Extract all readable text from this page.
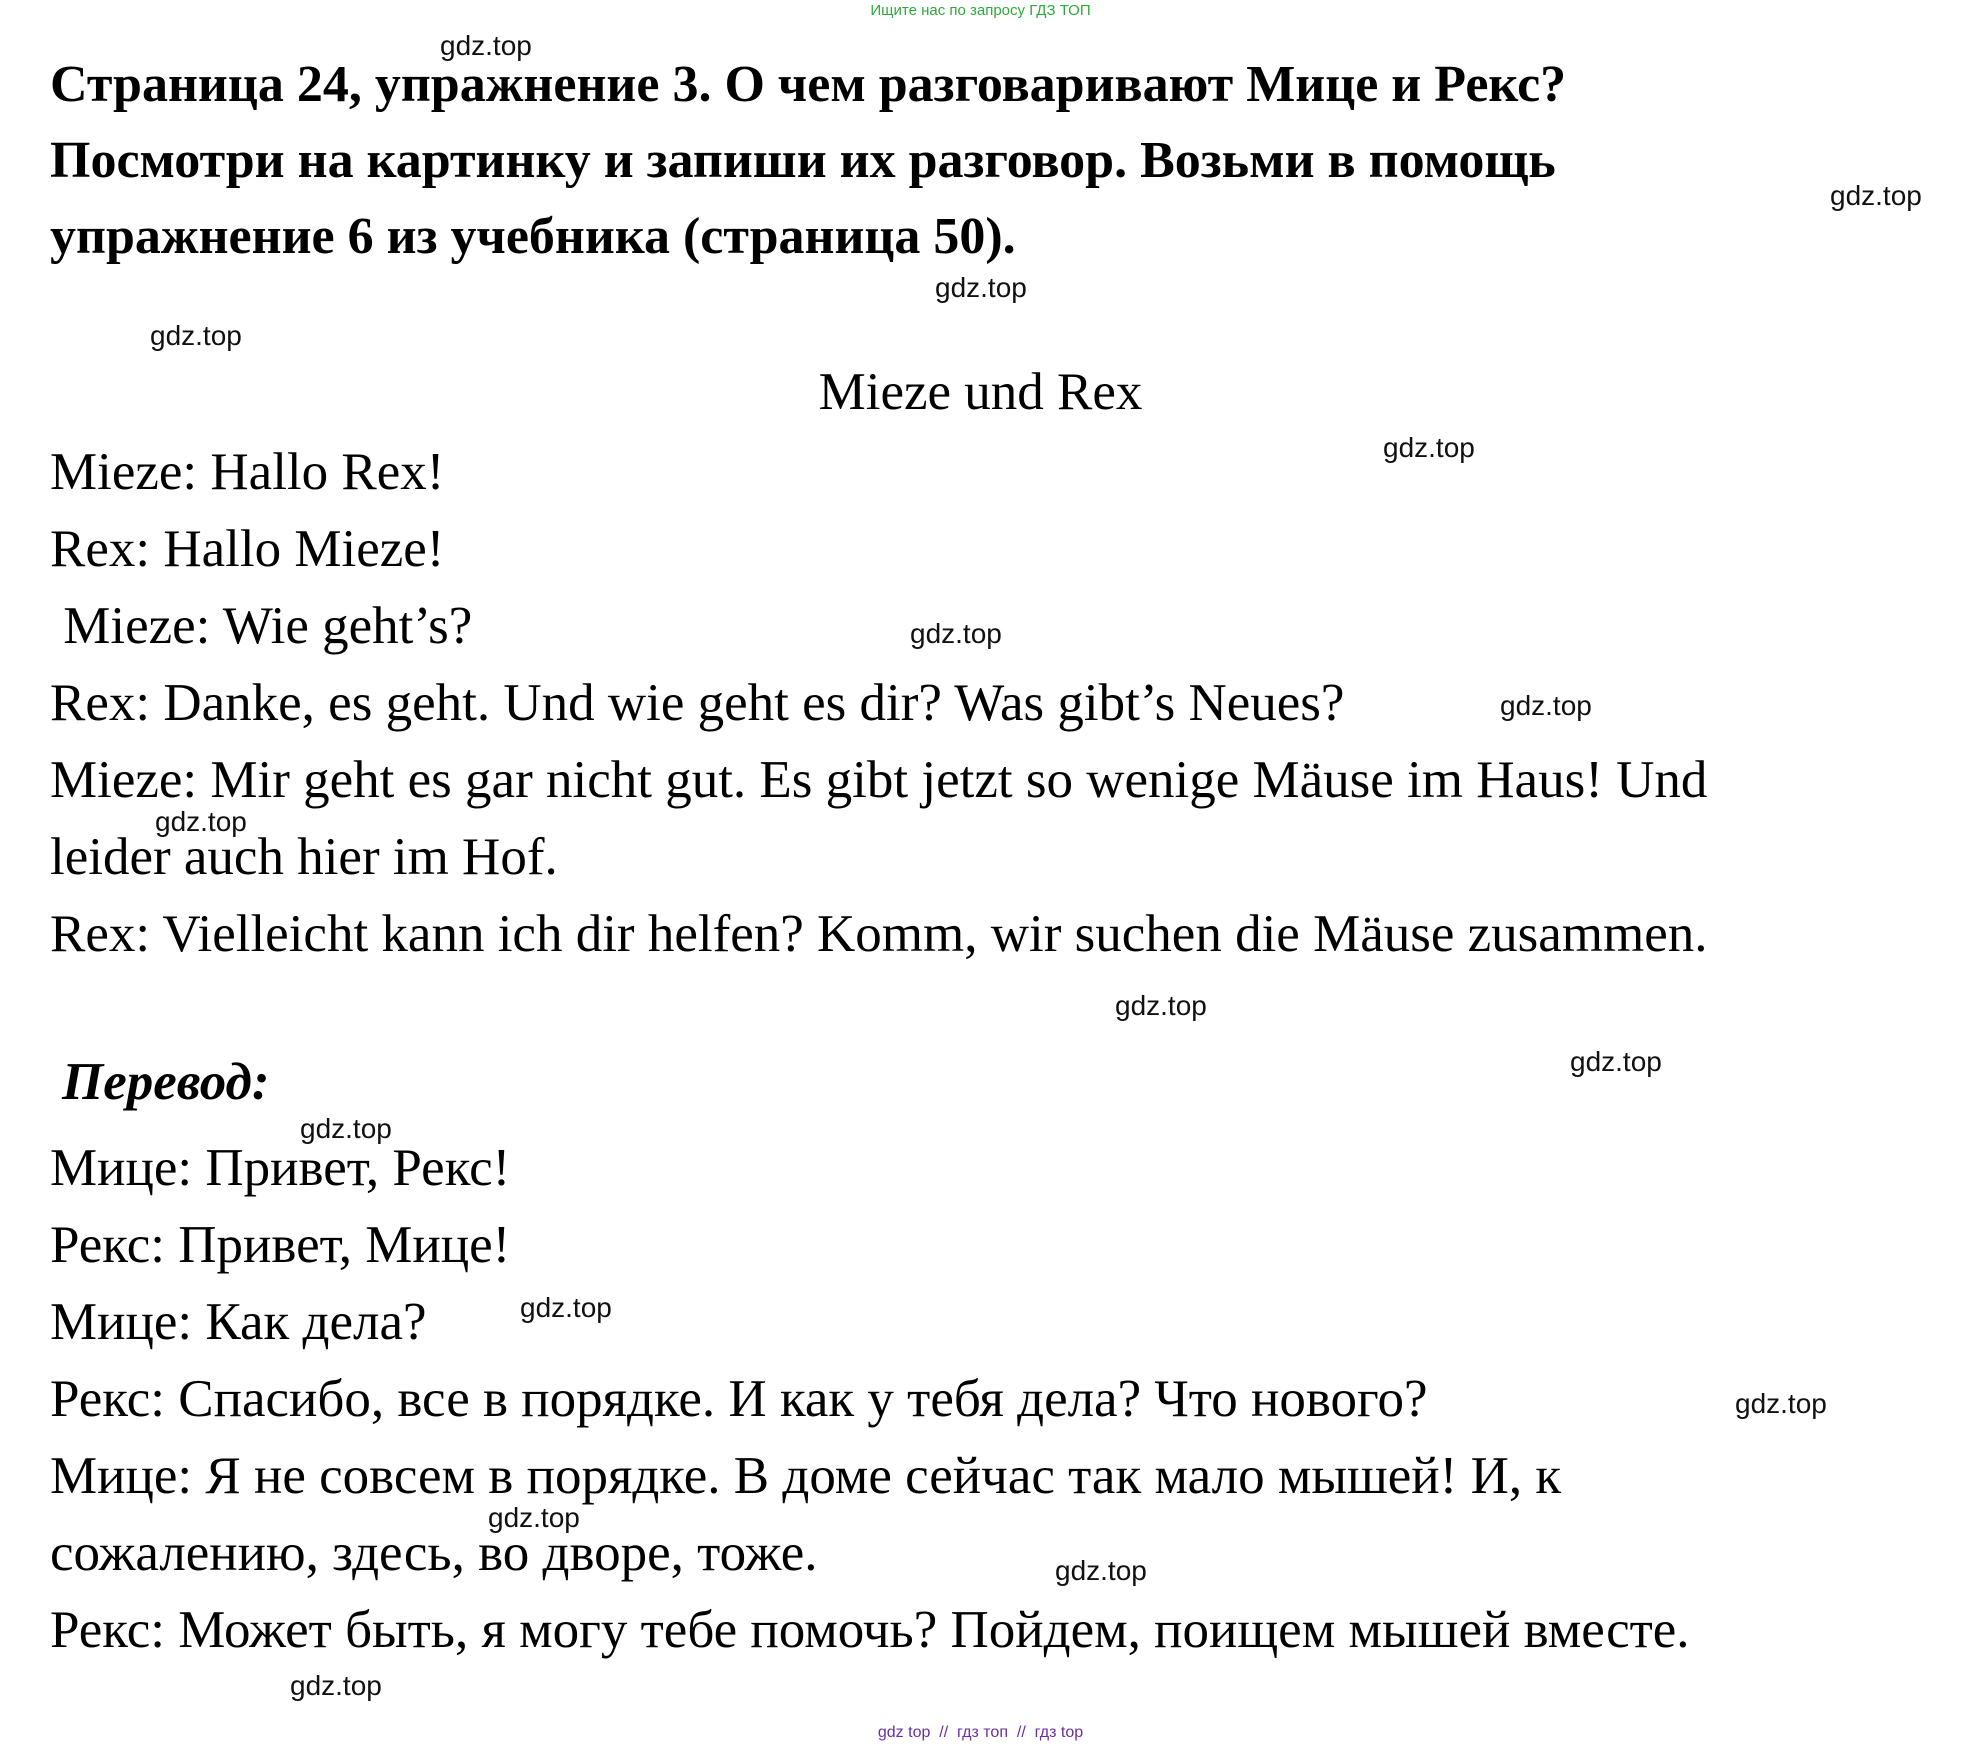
Ищите нас по запросу ГДЗ ТОП
Страница 24, упражнение 3. О чем разговаривают Мице и Рекс?
Посмотри на картинку и запиши их разговор. Возьми в помощь
упражнение 6 из учебника (страница 50).
Mieze und Rex
Mieze: Hallo Rex!
Rex: Hallo Mieze!
Mieze: Wie geht’s?
Rex: Danke, es geht. Und wie geht es dir? Was gibt’s Neues?
Mieze: Mir geht es gar nicht gut. Es gibt jetzt so wenige Mäuse im Haus! Und
leider auch hier im Hof.
Rex: Vielleicht kann ich dir helfen? Komm, wir suchen die Mäuse zusammen.
Перевод:
Мице: Привет, Рекс!
Рекс: Привет, Мице!
Мице: Как дела?
Рекс: Спасибо, все в порядке. И как у тебя дела? Что нового?
Мице: Я не совсем в порядке. В доме сейчас так мало мышей! И, к
сожалению, здесь, во дворе, тоже.
Рекс: Может быть, я могу тебе помочь? Пойдем, поищем мышей вместе.
gdz.top
gdz.top
gdz.top
gdz.top
gdz.top
gdz.top
gdz.top
gdz.top
gdz.top
gdz.top
gdz.top
gdz.top
gdz.top
gdz.top
gdz.top
gdz.top
gdz top  //  гдз топ  //  гдз top
